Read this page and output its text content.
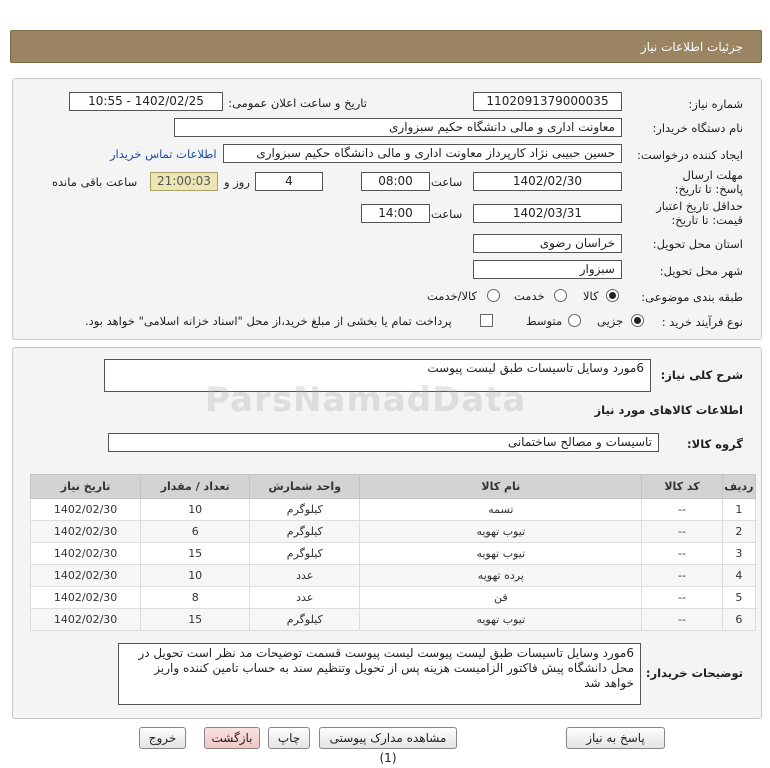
جزئیات اطلاعات نیاز
شماره نیاز:
1102091379000035
تاریخ و ساعت اعلان عمومی:
1402/02/25 - 10:55
نام دستگاه خریدار:
معاونت اداری و مالی دانشگاه حکیم سبزواری
ایجاد کننده درخواست:
حسین حبیبی نژاد کارپرداز معاونت اداری و مالی دانشگاه حکیم سبزواری
اطلاعات تماس خریدار
مهلت ارسال پاسخ: تا تاریخ:
1402/02/30
ساعت
08:00
4
روز و
21:00:03
ساعت باقی مانده
حداقل تاریخ اعتبار قیمت: تا تاریخ:
1402/03/31
ساعت
14:00
استان محل تحویل:
خراسان رضوی
شهر محل تحویل:
سبزوار
طبقه بندی موضوعی:
کالا
خدمت
کالا/خدمت
نوع فرآیند خرید :
جزیی
متوسط
پرداخت تمام یا بخشی از مبلغ خرید،از محل "اسناد خزانه اسلامی" خواهد بود.
شرح کلی نیاز:
6مورد وسایل تاسیسات طبق لیست پیوست
اطلاعات کالاهای مورد نیاز
گروه کالا:
تاسیسات و مصالح ساختمانی
ردیف	کد کالا	نام کالا	واحد شمارش	تعداد / مقدار	تاریخ نیاز
1	--	تسمه	کیلوگرم	10	1402/02/30
2	--	تیوب تهویه	کیلوگرم	6	1402/02/30
3	--	تیوب تهویه	کیلوگرم	15	1402/02/30
4	--	پرده تهویه	عدد	10	1402/02/30
5	--	فن	عدد	8	1402/02/30
6	--	تیوب تهویه	کیلوگرم	15	1402/02/30
6مورد وسایل تاسیسات طبق لیست پیوست لیست پیوست قسمت توضیحات مد نظر است تحویل در محل دانشگاه پیش فاکتور الزامیست هزینه پس از تحویل وتنظیم سند به حساب تامین کننده واریز خواهد شد
توضیحات خریدار:
ParsNamadData
پاسخ به نیاز
مشاهده مدارک پیوستی (1)
چاپ
بازگشت
خروج
